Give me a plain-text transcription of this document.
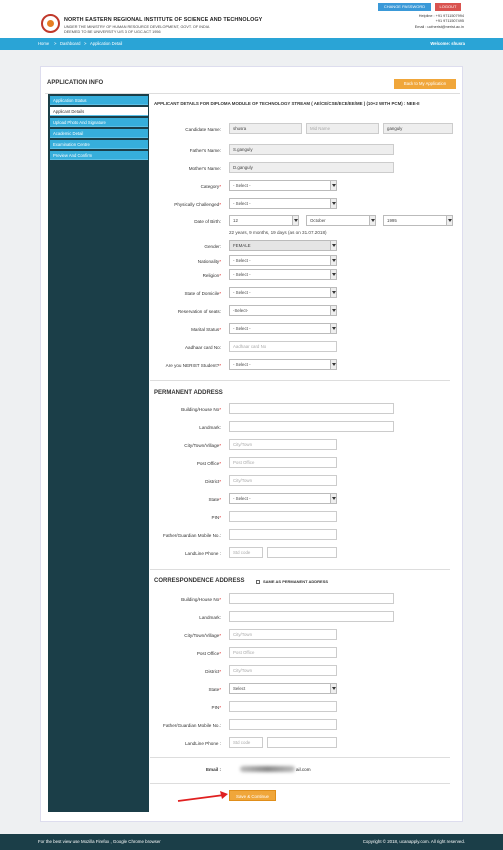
NORTH EASTERN REGIONAL INSTITUTE OF SCIENCE AND TECHNOLOGY
UNDER THE MINISTRY OF HUMAN RESOURCE DEVELOPMENT, GOVT. OF INDIA
DEEMED TO BE UNIVERSITY U/S 3 OF UGC ACT 1956
CHANGE PASSWORD	LOGOUT
Helpline : +91 9711507994
+91 9711507495
Email : ucfnerist@nerist.ac.in
Home > Dashboard > Application Detail	Welcome: shusra
APPLICATION INFO	Back to My Application
Application Status
Applicant Details
Upload Photo And Signature
Academic Detail
Examination Centre
Preview And Confirm
APPLICANT DETAILS FOR DIPLOMA MODULE OF TECHNOLOGY STREAM ( AE/CE/CSE/ECE/EE/ME ) (10+2 WITH PCM) : NEE-II
Candidate Name:	shusra	Mid Name	ganguly
Father's Name:	S.ganguly
Mother's Name:	D.ganguly
Category*	- Select -
Physically Challenged*	- Select -
Date of Birth:	12	October	1995
22 years, 9 months, 19 days (as on 31.07.2018)
Gender:	FEMALE
Nationality*	- Select -
Religion*	- Select -
State of Domicile*	- Select -
Reservation of seats:	-Select-
Marital Status*	- Select -
Aadhaar card No:	Aadhaar card No
Are you NERIST Student?*	- Select -
PERMANENT ADDRESS
Building/House No*
Landmark:
City/Town/Village*	City/Town
Post Office*	Post Office
District*	City/Town
State*	- Select -
PIN*
Father/Guardian Mobile No.:
LandLine Phone :	Std code
CORRESPONDENCE ADDRESS	SAME AS PERMANENT ADDRESS
Building/House No*
Landmark:
City/Town/Village*	City/Town
Post Office*	Post Office
District*	City/Town
State*	Select
PIN*
Father/Guardian Mobile No.:
LandLine Phone :	Std code
Email :	ail.com
Save & Continue
For the best view use Mozilla Firefox , Google Chrome browser	Copyright © 2018, ucanapply.com. All right reserved.
